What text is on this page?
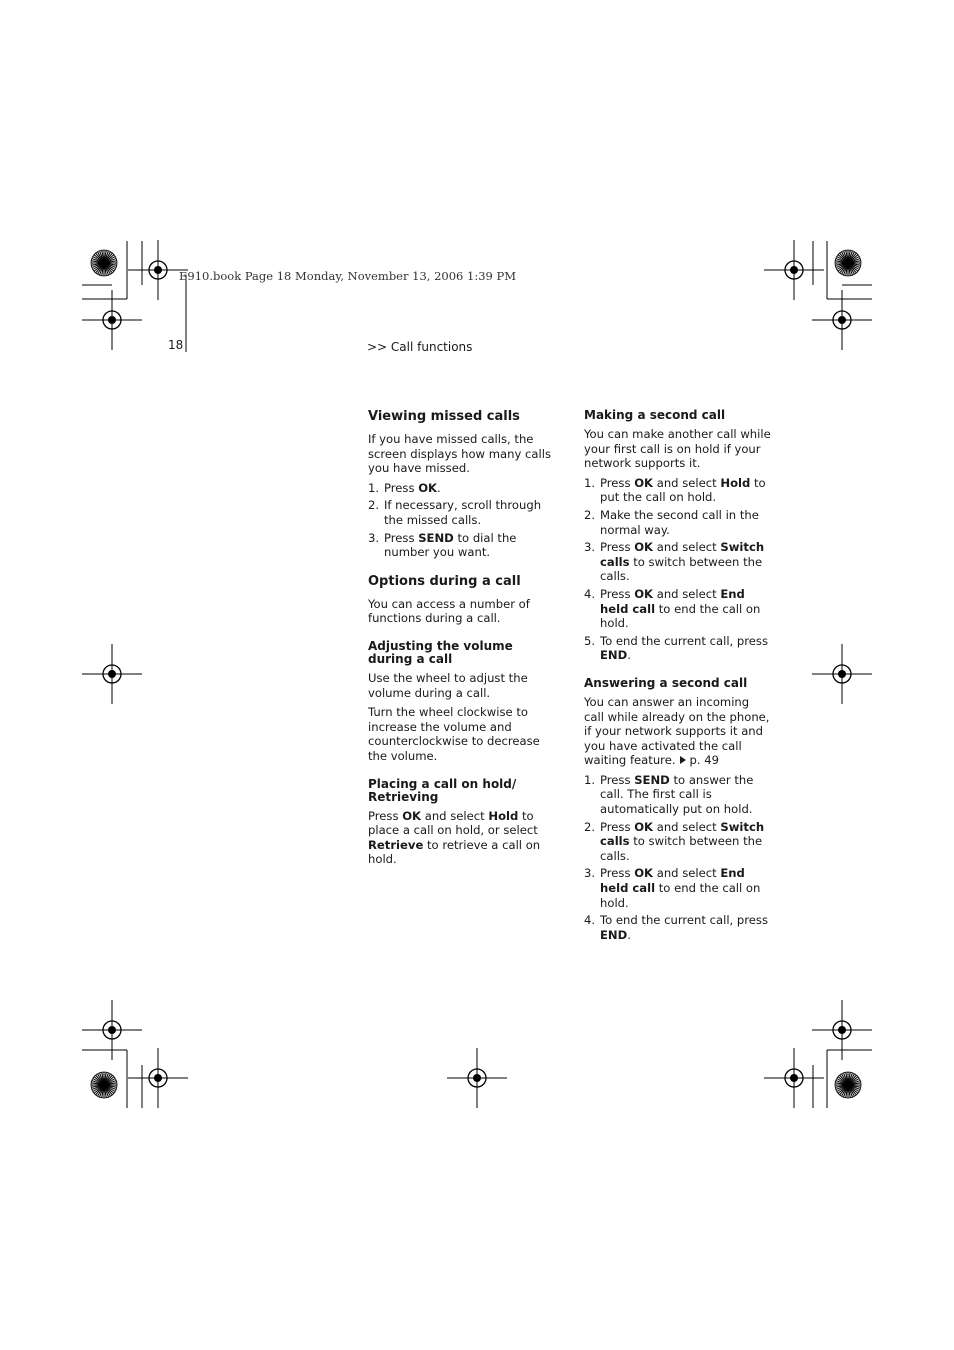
E910.book Page 18 Monday, November 13, 2006 1:39 PM
18	>> Call functions
Viewing missed calls

If you have missed calls, the screen displays how many calls you have missed.

1. Press OK.
2. If necessary, scroll through the missed calls.
3. Press SEND to dial the number you want.
Options during a call

You can access a number of functions during a call.

Adjusting the volume during a call

Use the wheel to adjust the volume during a call.

Turn the wheel clockwise to increase the volume and counterclockwise to decrease the volume.

Placing a call on hold/ Retrieving

Press OK and select Hold to place a call on hold, or select Retrieve to retrieve a call on hold.

Making a second call

You can make another call while your first call is on hold if your network supports it.

1. Press OK and select Hold to put the call on hold.
2. Make the second call in the normal way.
3. Press OK and select Switch calls to switch between the calls.
4. Press OK and select End held call to end the call on hold.
5. To end the current call, press END.
Answering a second call

You can answer an incoming call while already on the phone, if your network supports it and you have activated the call waiting feature. p. 49

1. Press SEND to answer the call. The first call is automatically put on hold.
2. Press OK and select Switch calls to switch between the calls.
3. Press OK and select End held call to end the call on hold.
4. To end the current call, press END.
